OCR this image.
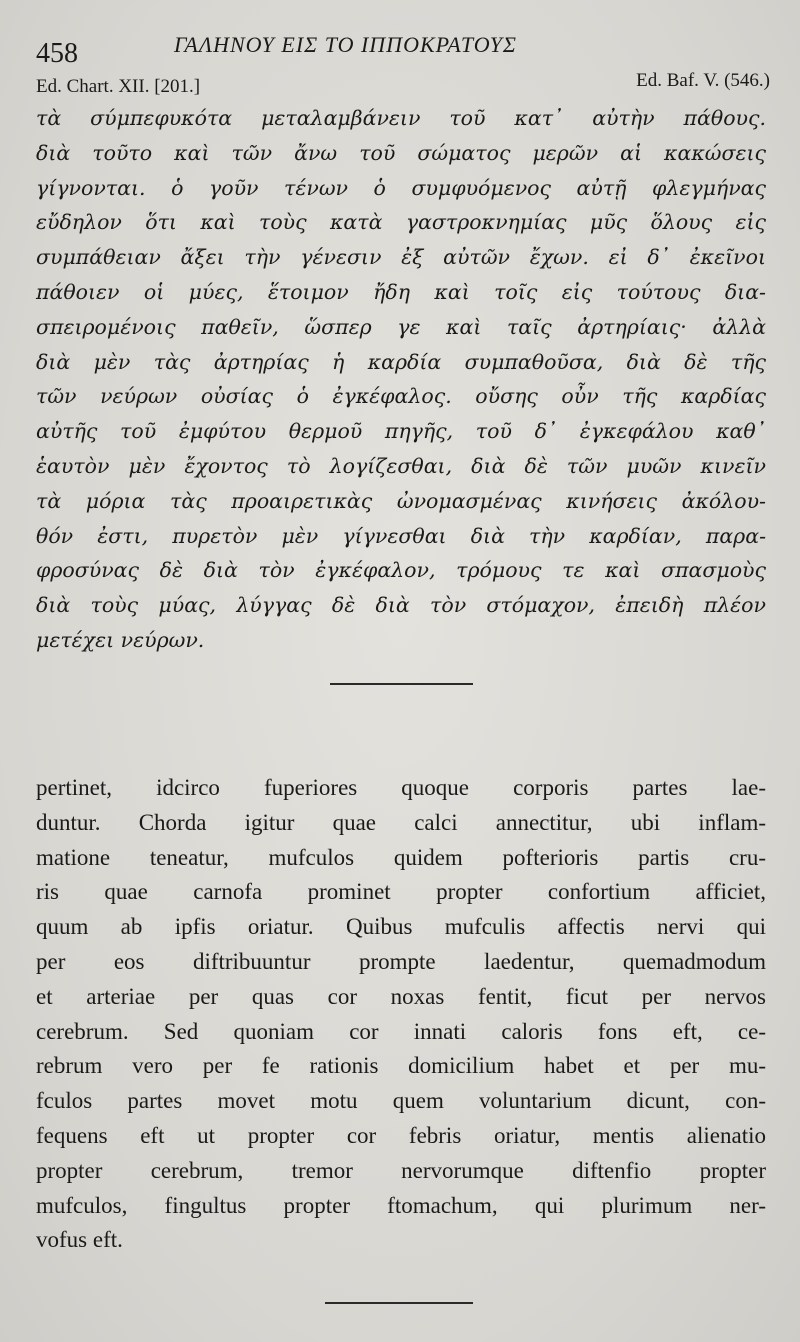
458	ΓΑΛΗΝΟΥ ΕΙΣ ΤΟ ΙΠΠΟΚΡΑΤΟΥΣ
Ed. Chart. XII. [201.]	Ed. Baf. V. (546.)
τὰ σύμπεφυκότα μεταλαμβάνειν τοῦ κατ᾽ αὐτὴν πάθους.
διὰ τοῦτο καὶ τῶν ἄνω τοῦ σώματος μερῶν αἱ κακώσεις
γίγνονται. ὁ γοῦν τένων ὁ συμφυόμενος αὐτῇ φλεγμήνας
εὔδηλον ὅτι καὶ τοὺς κατὰ γαστροκνημίας μῦς ὅλους εἰς
συμπάθειαν ἄξει τὴν γένεσιν ἐξ αὐτῶν ἔχων. εἰ δ᾽ ἐκεῖνοι
πάθοιεν οἱ μύες, ἕτοιμον ἤδη καὶ τοῖς εἰς τούτους δια-
σπειρομένοις παθεῖν, ὥσπερ γε καὶ ταῖς ἀρτηρίαις· ἀλλὰ
διὰ μὲν τὰς ἀρτηρίας ἡ καρδία συμπαθοῦσα, διὰ δὲ τῆς
τῶν νεύρων οὐσίας ὁ ἐγκέφαλος. οὔσης οὖν τῆς καρδίας
αὐτῆς τοῦ ἐμφύτου θερμοῦ πηγῆς, τοῦ δ᾽ ἐγκεφάλου καθ᾽
ἑαυτὸν μὲν ἔχοντος τὸ λογίζεσθαι, διὰ δὲ τῶν μυῶν κινεῖν
τὰ μόρια τὰς προαιρετικὰς ὠνομασμένας κινήσεις ἀκόλου-
θόν ἐστι, πυρετὸν μὲν γίγνεσθαι διὰ τὴν καρδίαν, παρα-
φροσύνας δὲ διὰ τὸν ἐγκέφαλον, τρόμους τε καὶ σπασμοὺς
διὰ τοὺς μύας, λύγγας δὲ διὰ τὸν στόμαχον, ἐπειδὴ πλέον
μετέχει νεύρων.
pertinet, idcirco fuperiores quoque corporis partes lae-
duntur. Chorda igitur quae calci annectitur, ubi inflam-
matione teneatur, mufculos quidem pofterioris partis cru-
ris quae carnofa prominet propter confortium afficiet,
quum ab ipfis oriatur. Quibus mufculis affectis nervi qui
per eos diftribuuntur prompte laedentur, quemadmodum
et arteriae per quas cor noxas fentit, ficut per nervos
cerebrum. Sed quoniam cor innati caloris fons eft, ce-
rebrum vero per fe rationis domicilium habet et per mu-
fculos partes movet motu quem voluntarium dicunt, con-
fequens eft ut propter cor febris oriatur, mentis alienatio
propter cerebrum, tremor nervorumque diftenfio propter
mufculos, fingultus propter ftomachum, qui plurimum ner-
vofus eft.
